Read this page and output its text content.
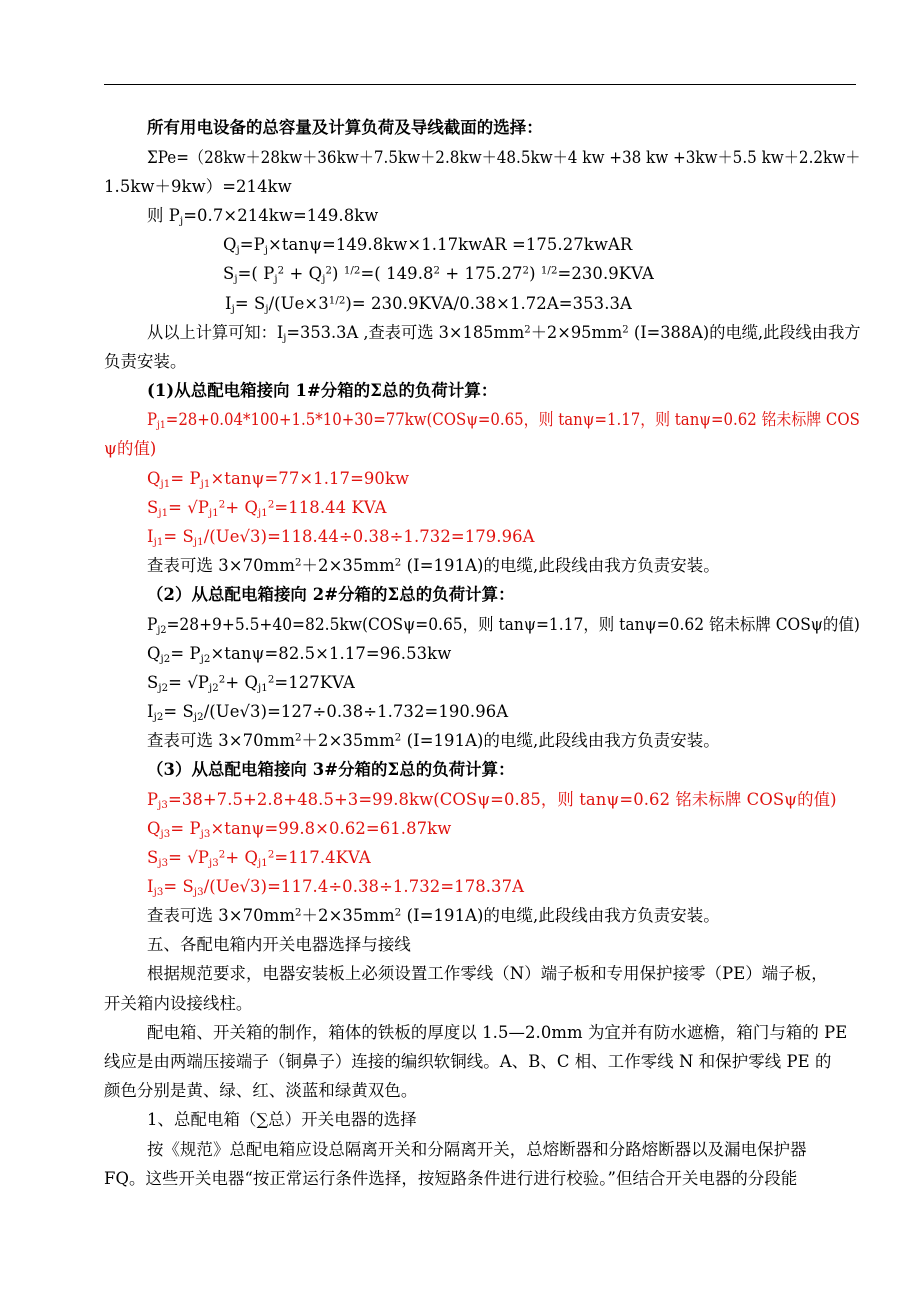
所有用电设备的总容量及计算负荷及导线截面的选择：
ΣPe=（28kw＋28kw＋36kw＋7.5kw＋2.8kw＋48.5kw＋4 kw +38 kw +3kw＋5.5 kw＋2.2kw＋
1.5kw＋9kw）=214kw
则 $P_j=0.7\times 214kw=149.8kw$
$Q_j=P_j\times\tan\psi=149.8kw\times 1.17kwAR$ =175.27kwAR
$S_j=$( $P_j^2 + Q_j^2$) $^{1/2}$=( $149.8^2 + 175.27^2$) $^{1/2}$=230.9KVA
$I_j= S_j/(Ue\times 3^{1/2})= 230.9KVA/0.38\times 1.72A=353.3A$
从以上计算可知：$I_j=353.3A$ ,查表可选 $3\times 185mm^2+2\times 95mm^2$ (I=388A)的电缆,此段线由我方
负责安装。
(1)从总配电箱接向 1#分箱的Σ总的负荷计算：
$P_{j1}=28+0.04*100+1.5*10+30=77kw(COS\psi=0.65$，则 tanψ=1.17，则 tanψ=0.62 铭未标牌 COS
ψ的值)
$Q_{j1}= P_{j1}\times\tan\psi=77\times 1.17=90kw$
$S_{j1}= √P_{j1}^2+ Q_{j1}^2=118.44$ KVA
$I_{j1}= S_{j1}/(Ue√3)=118.44\div 0.38\div 1.732=179.96A$
查表可选 $3\times 70mm^2+2\times 35mm^2$ (I=191A)的电缆,此段线由我方负责安装。
（2）从总配电箱接向 2#分箱的Σ总的负荷计算：
$P_{j2}=28+9+5.5+40=82.5kw(COS\psi=0.65$，则 tanψ=1.17，则 tanψ=0.62 铭未标牌 COSψ的值)
$Q_{j2}= P_{j2}\times\tan\psi=82.5\times 1.17=96.53kw$
$S_{j2}= √P_{j2}^2+ Q_{j1}^2=127KVA$
$I_{j2}= S_{j2}/(Ue√3)=127\div 0.38\div 1.732=190.96A$
查表可选 $3\times 70mm^2+2\times 35mm^2$ (I=191A)的电缆,此段线由我方负责安装。
（3）从总配电箱接向 3#分箱的Σ总的负荷计算：
$P_{j3}=38+7.5+2.8+48.5+3=99.8kw(COS\psi=0.85$，则 tanψ=0.62 铭未标牌 COSψ的值)
$Q_{j3}= P_{j3}\times\tan\psi=99.8\times 0.62=61.87kw$
$S_{j3}= √P_{j3}^2+ Q_{j1}^2=117.4KVA$
$I_{j3}= S_{j3}/(Ue√3)=117.4\div 0.38\div 1.732=178.37A$
查表可选 $3\times 70mm^2+2\times 35mm^2$ (I=191A)的电缆,此段线由我方负责安装。
五、各配电箱内开关电器选择与接线
根据规范要求，电器安装板上必须设置工作零线（N）端子板和专用保护接零（PE）端子板，
开关箱内设接线柱。
配电箱、开关箱的制作，箱体的铁板的厚度以 1.5—2.0mm 为宜并有防水遮檐，箱门与箱的 PE
线应是由两端压接端子（铜鼻子）连接的编织软铜线。A、B、C 相、工作零线 N 和保护零线 PE 的
颜色分别是黄、绿、红、淡蓝和绿黄双色。
1、总配电箱（∑总）开关电器的选择
按《规范》总配电箱应设总隔离开关和分隔离开关，总熔断器和分路熔断器以及漏电保护器
FQ。这些开关电器“按正常运行条件选择，按短路条件进行进行校验。”但结合开关电器的分段能
